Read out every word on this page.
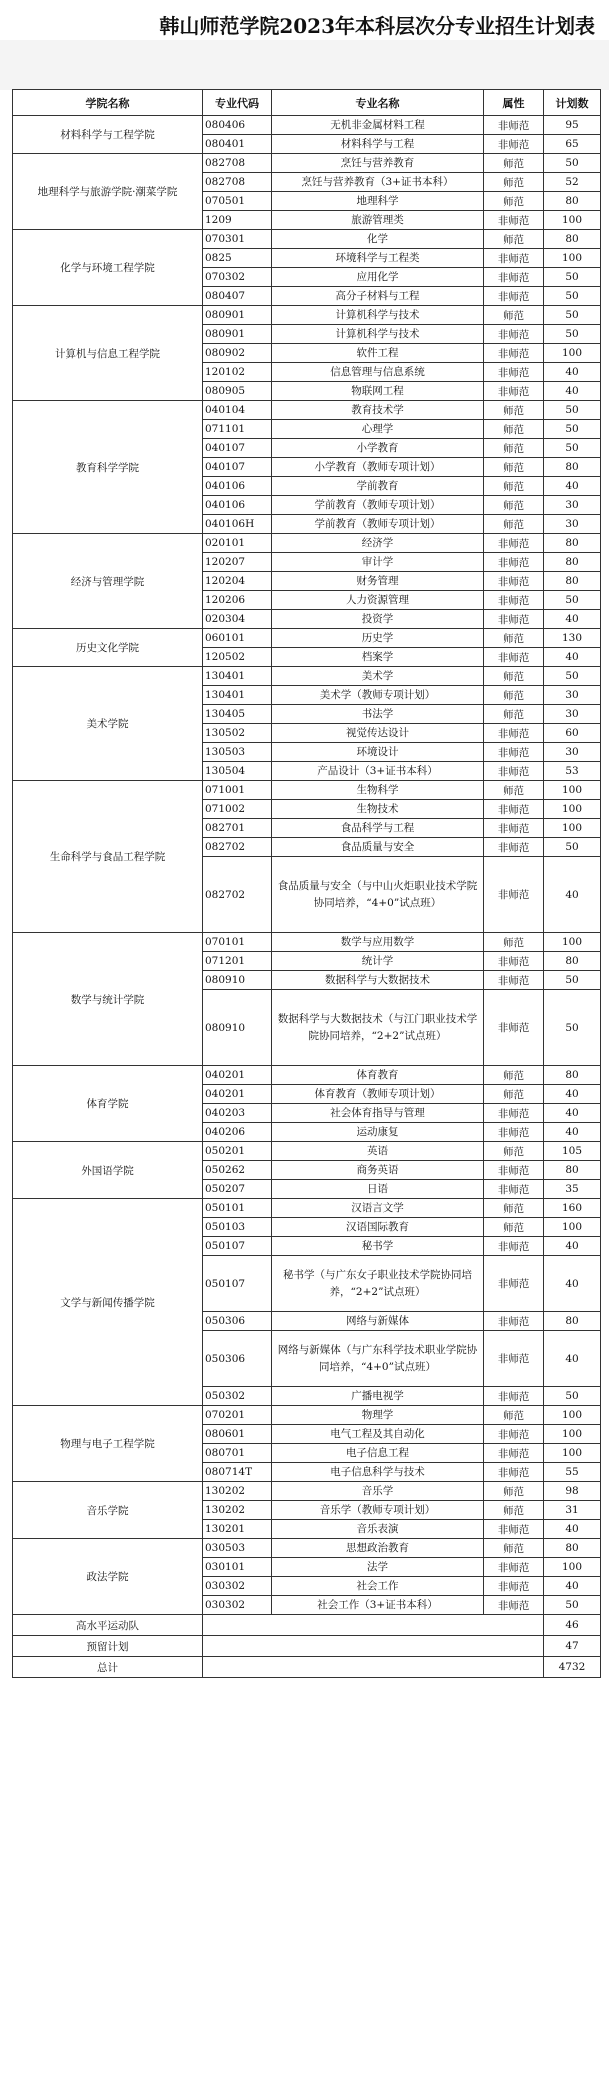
韩山师范学院2023年本科层次分专业招生计划表
学院名称	专业代码	专业名称	属性	计划数
材料科学与工程学院	080406	无机非金属材料工程	非师范	95
	080401	材料科学与工程	非师范	65
地理科学与旅游学院·潮菜学院	082708	烹饪与营养教育	师范	50
	082708	烹饪与营养教育（3+证书本科）	师范	52
	070501	地理科学	师范	80
	1209	旅游管理类	非师范	100
化学与环境工程学院	070301	化学	师范	80
	0825	环境科学与工程类	非师范	100
	070302	应用化学	非师范	50
	080407	高分子材料与工程	非师范	50
计算机与信息工程学院	080901	计算机科学与技术	师范	50
	080901	计算机科学与技术	非师范	50
	080902	软件工程	非师范	100
	120102	信息管理与信息系统	非师范	40
	080905	物联网工程	非师范	40
教育科学学院	040104	教育技术学	师范	50
	071101	心理学	师范	50
	040107	小学教育	师范	50
	040107	小学教育（教师专项计划）	师范	80
	040106	学前教育	师范	40
	040106	学前教育（教师专项计划）	师范	30
	040106H	学前教育（教师专项计划）	师范	30
经济与管理学院	020101	经济学	非师范	80
	120207	审计学	非师范	80
	120204	财务管理	非师范	80
	120206	人力资源管理	非师范	50
	020304	投资学	非师范	40
历史文化学院	060101	历史学	师范	130
	120502	档案学	非师范	40
美术学院	130401	美术学	师范	50
	130401	美术学（教师专项计划）	师范	30
	130405	书法学	师范	30
	130502	视觉传达设计	非师范	60
	130503	环境设计	非师范	30
	130504	产品设计（3+证书本科）	非师范	53
生命科学与食品工程学院	071001	生物科学	师范	100
	071002	生物技术	非师范	100
	082701	食品科学与工程	非师范	100
	082702	食品质量与安全	非师范	50
	082702	食品质量与安全（与中山火炬职业技术学院协同培养，“4+0”试点班）	非师范	40
数学与统计学院	070101	数学与应用数学	师范	100
	071201	统计学	非师范	80
	080910	数据科学与大数据技术	非师范	50
	080910	数据科学与大数据技术（与江门职业技术学院协同培养，“2+2”试点班）	非师范	50
体育学院	040201	体育教育	师范	80
	040201	体育教育（教师专项计划）	师范	40
	040203	社会体育指导与管理	非师范	40
	040206	运动康复	非师范	40
外国语学院	050201	英语	师范	105
	050262	商务英语	非师范	80
	050207	日语	非师范	35
文学与新闻传播学院	050101	汉语言文学	师范	160
	050103	汉语国际教育	师范	100
	050107	秘书学	非师范	40
	050107	秘书学（与广东女子职业技术学院协同培养，“2+2”试点班）	非师范	40
	050306	网络与新媒体	非师范	80
	050306	网络与新媒体（与广东科学技术职业学院协同培养，“4+0”试点班）	非师范	40
	050302	广播电视学	非师范	50
物理与电子工程学院	070201	物理学	师范	100
	080601	电气工程及其自动化	非师范	100
	080701	电子信息工程	非师范	100
	080714T	电子信息科学与技术	非师范	55
音乐学院	130202	音乐学	师范	98
	130202	音乐学（教师专项计划）	师范	31
	130201	音乐表演	非师范	40
政法学院	030503	思想政治教育	师范	80
	030101	法学	非师范	100
	030302	社会工作	非师范	40
	030302	社会工作（3+证书本科）	非师范	50
高水平运动队				46
预留计划				47
总计				4732
